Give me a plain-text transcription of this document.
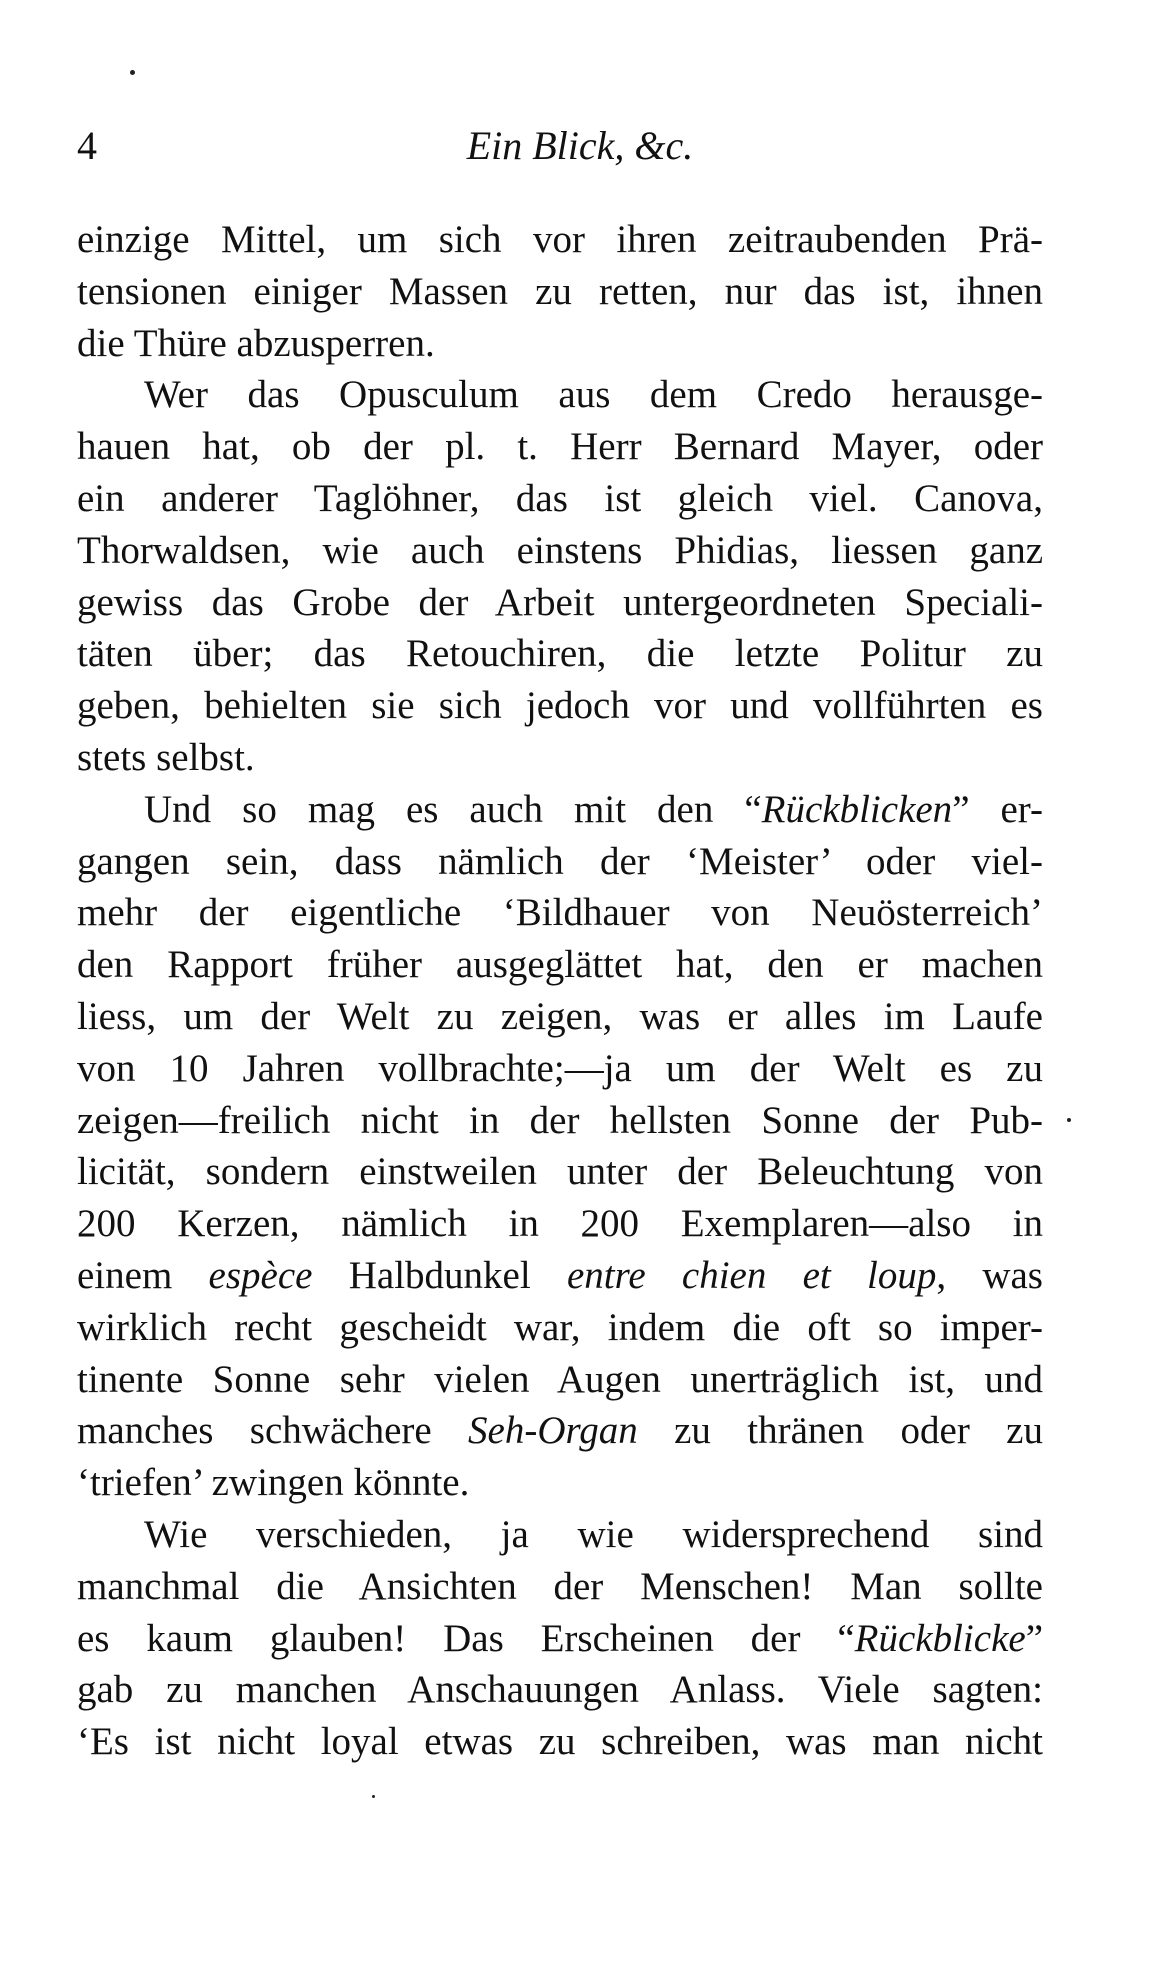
4	Ein Blick, &c.
einzige Mittel, um sich vor ihren zeitraubenden Prä-
tensionen einiger Massen zu retten, nur das ist, ihnen
die Thüre abzusperren.
Wer das Opusculum aus dem Credo herausge-
hauen hat, ob der pl. t. Herr Bernard Mayer, oder
ein anderer Taglöhner, das ist gleich viel. Canova,
Thorwaldsen, wie auch einstens Phidias, liessen ganz
gewiss das Grobe der Arbeit untergeordneten Speciali-
täten über; das Retouchiren, die letzte Politur zu
geben, behielten sie sich jedoch vor und vollführten es
stets selbst.
Und so mag es auch mit den “Rückblicken” er-
gangen sein, dass nämlich der ‘Meister’ oder viel-
mehr der eigentliche ‘Bildhauer von Neuösterreich’
den Rapport früher ausgeglättet hat, den er machen
liess, um der Welt zu zeigen, was er alles im Laufe
von 10 Jahren vollbrachte;—ja um der Welt es zu
zeigen—freilich nicht in der hellsten Sonne der Pub-
licität, sondern einstweilen unter der Beleuchtung von
200 Kerzen, nämlich in 200 Exemplaren—also in
einem espèce Halbdunkel entre chien et loup, was
wirklich recht gescheidt war, indem die oft so imper-
tinente Sonne sehr vielen Augen unerträglich ist, und
manches schwächere Seh-Organ zu thränen oder zu
‘triefen’ zwingen könnte.
Wie verschieden, ja wie widersprechend sind
manchmal die Ansichten der Menschen! Man sollte
es kaum glauben! Das Erscheinen der “Rückblicke”
gab zu manchen Anschauungen Anlass. Viele sagten:
‘Es ist nicht loyal etwas zu schreiben, was man nicht
